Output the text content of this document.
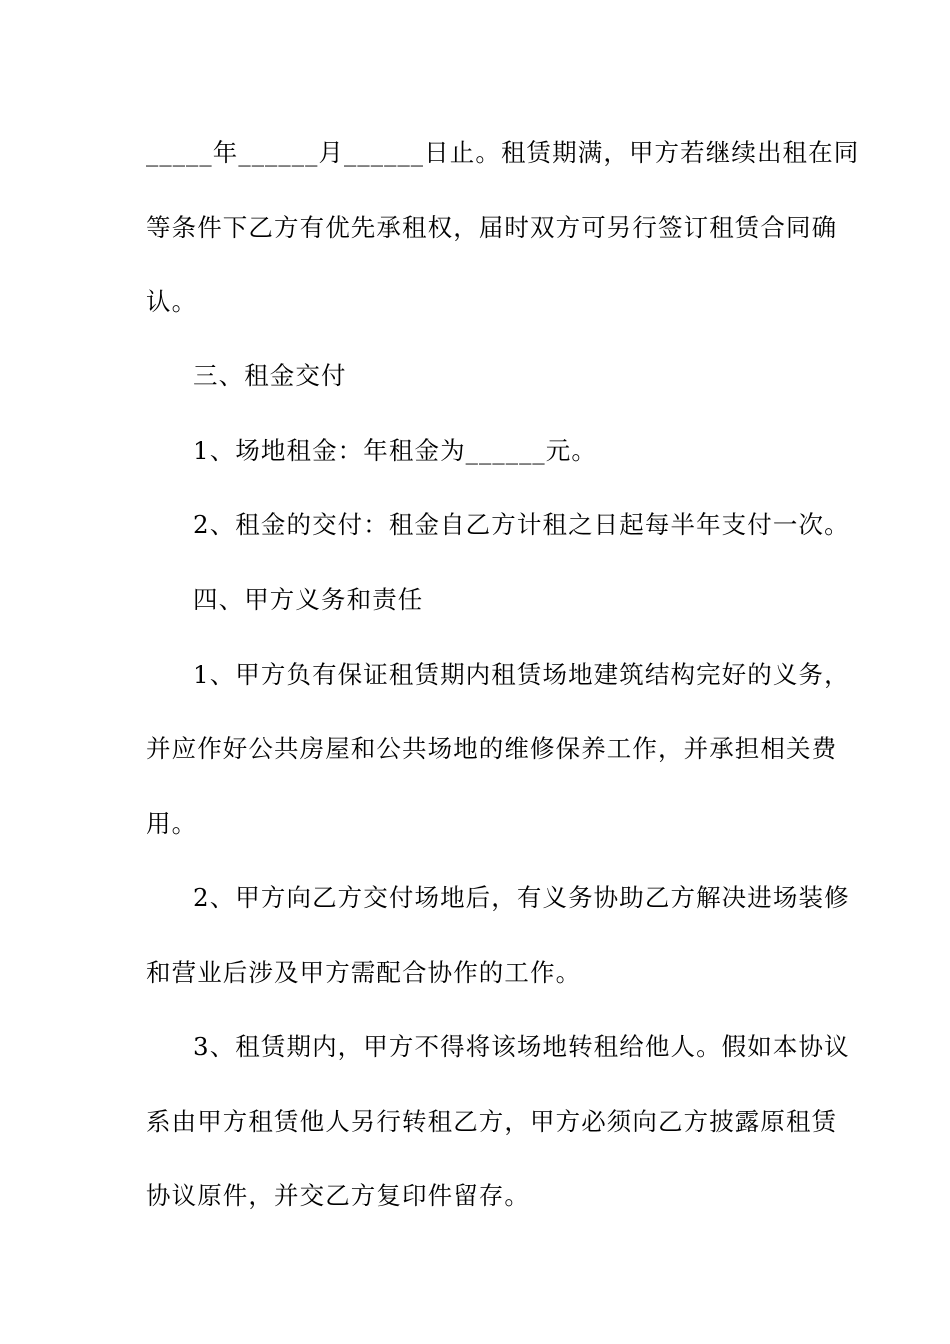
_____年______月______日止。租赁期满，甲方若继续出租在同
等条件下乙方有优先承租权，届时双方可另行签订租赁合同确
认。
三、租金交付
1、场地租金：年租金为______元。
2、租金的交付：租金自乙方计租之日起每半年支付一次。
四、甲方义务和责任
1、甲方负有保证租赁期内租赁场地建筑结构完好的义务，
并应作好公共房屋和公共场地的维修保养工作，并承担相关费
用。
2、甲方向乙方交付场地后，有义务协助乙方解决进场装修
和营业后涉及甲方需配合协作的工作。
3、租赁期内，甲方不得将该场地转租给他人。假如本协议
系由甲方租赁他人另行转租乙方，甲方必须向乙方披露原租赁
协议原件，并交乙方复印件留存。
